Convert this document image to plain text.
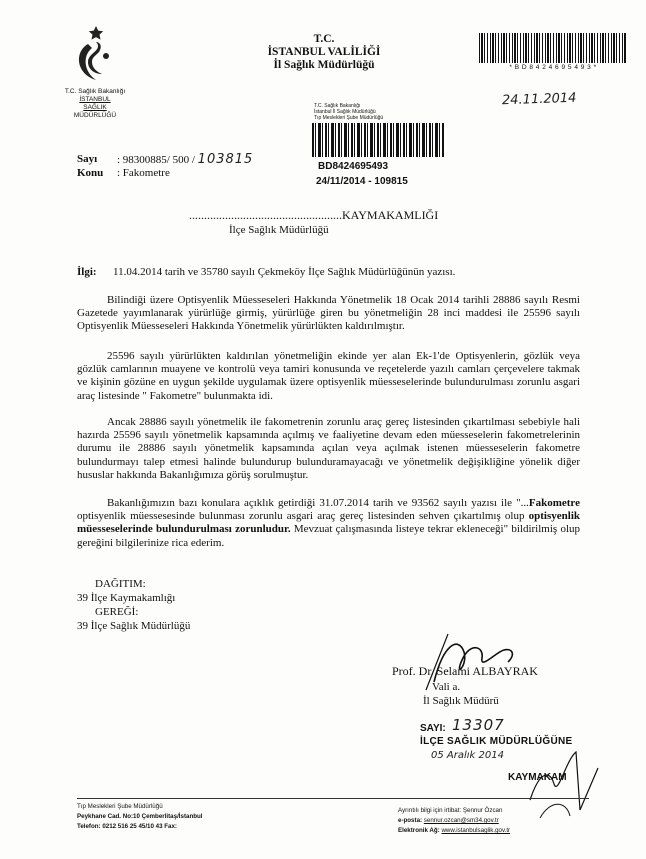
T.C. Sağlık Bakanlığı
İSTANBUL
SAĞLIK
MÜDÜRLÜĞÜ
T.C.
İSTANBUL VALİLİĞİ
İl Sağlık Müdürlüğü	* B D 8 4 2 4 6 9 5 4 9 3 *
24.11.2014
T.C. Sağlık Bakanlığı
İstanbul İl Sağlık Müdürlüğü
Tıp Meslekleri Şube Müdürlüğü
BD8424695493
24/11/2014 - 109815
Sayı : 98300885/ 500 / 103815
Konu : Fakometre
...................................................KAYMAKAMLIĞI
İlçe Sağlık Müdürlüğü
İlgi: 11.04.2014 tarih ve 35780 sayılı Çekmeköy İlçe Sağlık Müdürlüğünün yazısı.
Bilindiği üzere Optisyenlik Müesseseleri Hakkında Yönetmelik 18 Ocak 2014 tarihli 28886 sayılı Resmi Gazetede yayımlanarak yürürlüğe girmiş, yürürlüğe giren bu yönetmeliğin 28 inci maddesi ile 25596 sayılı Optisyenlik Müesseseleri Hakkında Yönetmelik yürürlükten kaldırılmıştır.
25596 sayılı yürürlükten kaldırılan yönetmeliğin ekinde yer alan Ek-1'de Optisyenlerin, gözlük veya gözlük camlarının muayene ve kontrolü veya tamiri konusunda ve reçetelerde yazılı camları çerçevelere takmak ve kişinin gözüne en uygun şekilde uygulamak üzere optisyenlik müesseselerinde bulundurulması zorunlu asgari araç listesinde " Fakometre" bulunmakta idi.
Ancak 28886 sayılı yönetmelik ile fakometrenin zorunlu araç gereç listesinden çıkartılması sebebiyle hali hazırda 25596 sayılı yönetmelik kapsamında açılmış ve faaliyetine devam eden müesseselerin fakometrelerinin durumu ile 28886 sayılı yönetmelik kapsamında açılan veya açılmak istenen müesseselerin fakometre bulundurmayı talep etmesi halinde bulundurup bulunduramayacağı ve yönetmelik değişikliğine yönelik diğer hususlar hakkında Bakanlığımıza görüş sorulmuştur.
Bakanlığımızın bazı konulara açıklık getirdiği 31.07.2014 tarih ve 93562 sayılı yazısı ile "...Fakometre optisyenlik müessesesinde bulunması zorunlu asgari araç gereç listesinden sehven çıkartılmış olup optisyenlik müesseselerinde bulundurulması zorunludur. Mevzuat çalışmasında listeye tekrar ekleneceği" bildirilmiş olup gereğini bilgilerinize rica ederim.
DAĞITIM:
39 İlçe Kaymakamlığı
GEREĞİ:
39 İlçe Sağlık Müdürlüğü
Prof. Dr. Selami ALBAYRAK
Vali a.
İl Sağlık Müdürü
SAYI: 13307
İLÇE SAĞLIK MÜDÜRLÜĞÜNE
05 Aralık 2014
KAYMAKAM
Tıp Meslekleri Şube Müdürlüğü
Peykhane Cad. No:10 Çemberlitaş/İstanbul
Telefon: 0212 516 25 45/10 43 Fax:
Ayrıntılı bilgi için irtibat: Şennur Özcan
e-posta: sennur.ozcan@sm34.gov.tr
Elektronik Ağ: www.istanbulsaglik.gov.tr
